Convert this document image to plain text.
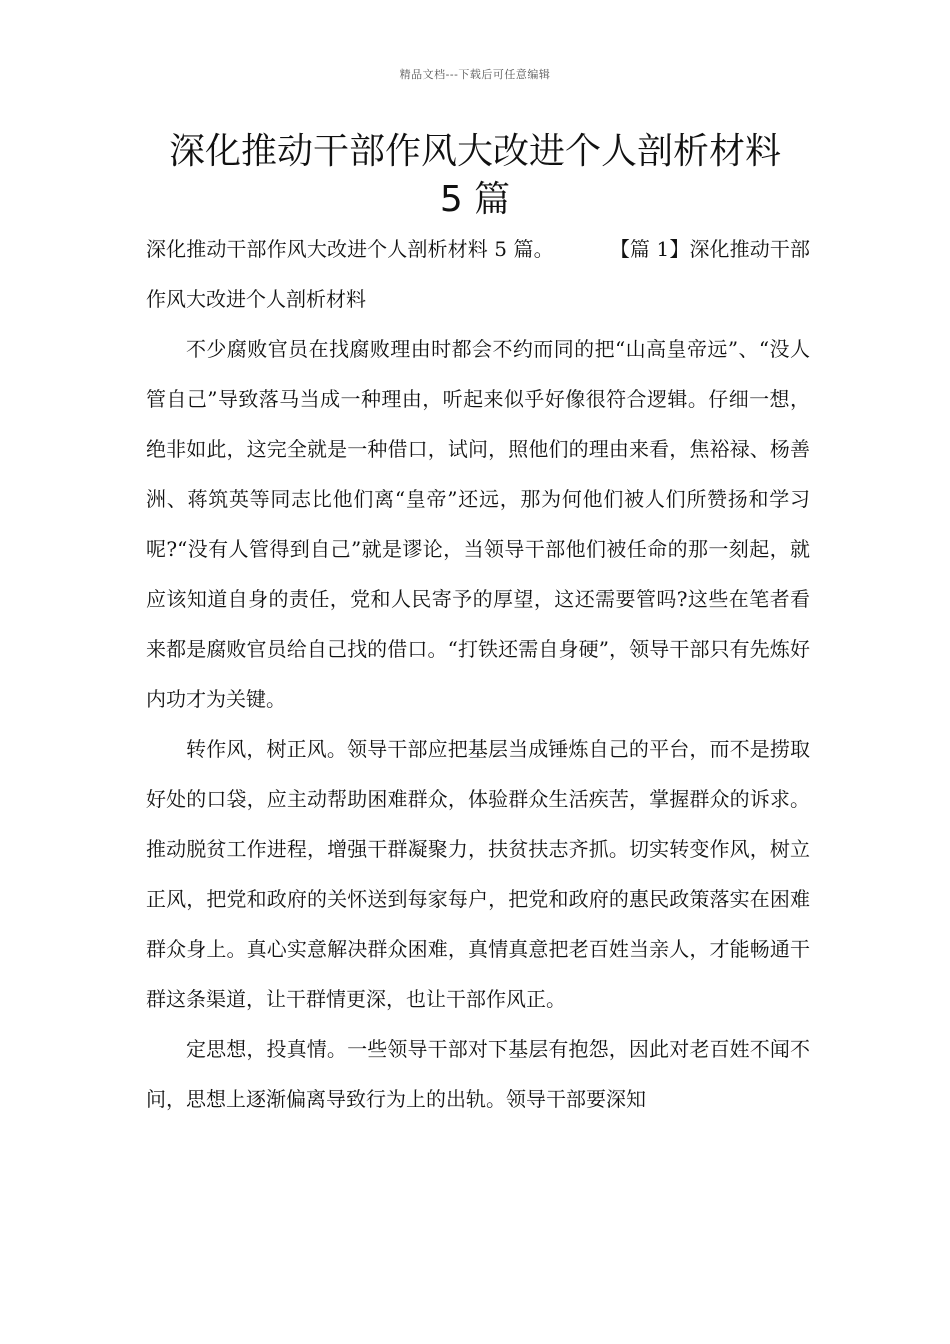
精品文档---下载后可任意编辑
深化推动干部作风大改进个人剖析材料
5 篇

深化推动干部作风大改进个人剖析材料 5 篇。	【篇 1】深化推动干部作风大改进个人剖析材料

不少腐败官员在找腐败理由时都会不约而同的把“山高皇帝远”、“没人管自己”导致落马当成一种理由，听起来似乎好像很符合逻辑。仔细一想，绝非如此，这完全就是一种借口，试问，照他们的理由来看，焦裕禄、杨善洲、蒋筑英等同志比他们离“皇帝”还远，那为何他们被人们所赞扬和学习呢?“没有人管得到自己”就是谬论，当领导干部他们被任命的那一刻起，就应该知道自身的责任，党和人民寄予的厚望，这还需要管吗?这些在笔者看来都是腐败官员给自己找的借口。“打铁还需自身硬”，领导干部只有先炼好内功才为关键。

转作风，树正风。领导干部应把基层当成锤炼自己的平台，而不是捞取好处的口袋，应主动帮助困难群众，体验群众生活疾苦，掌握群众的诉求。推动脱贫工作进程，增强干群凝聚力，扶贫扶志齐抓。切实转变作风，树立正风，把党和政府的关怀送到每家每户，把党和政府的惠民政策落实在困难群众身上。真心实意解决群众困难，真情真意把老百姓当亲人，才能畅通干群这条渠道，让干群情更深，也让干部作风正。

定思想，投真情。一些领导干部对下基层有抱怨，因此对老百姓不闻不问，思想上逐渐偏离导致行为上的出轨。领导干部要深知
